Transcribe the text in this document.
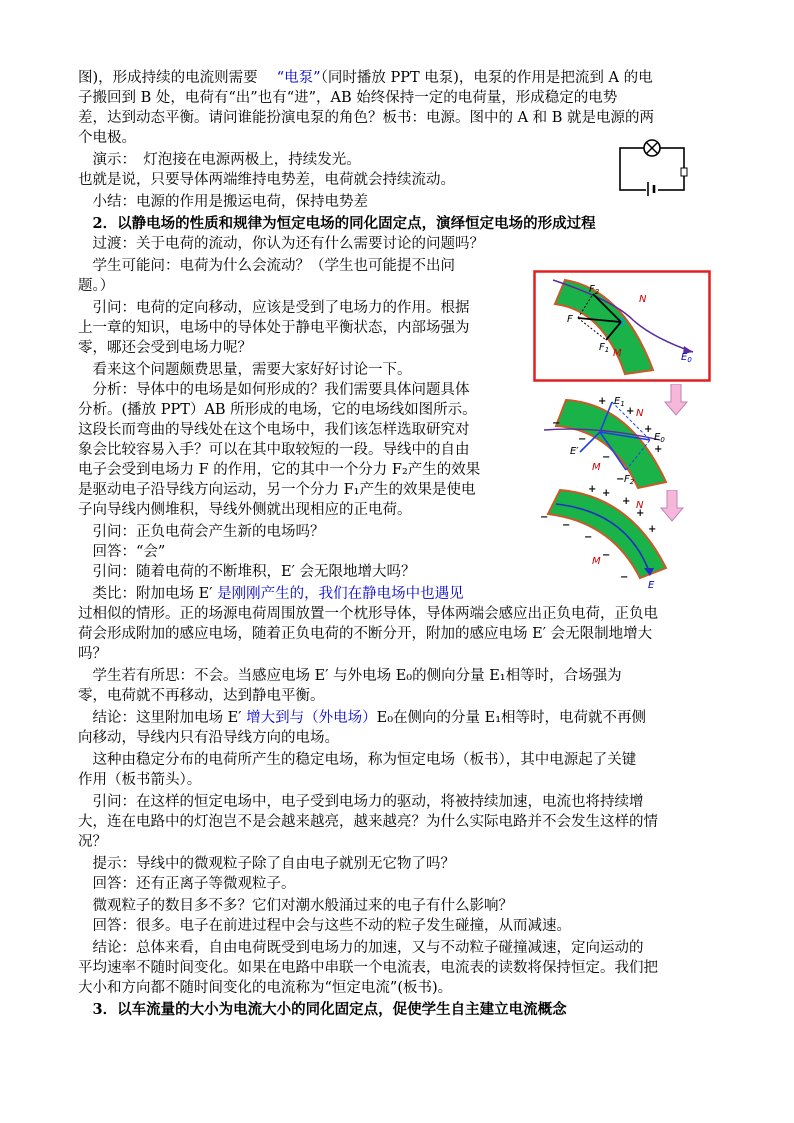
图)，形成持续的电流则需要　 “电泵”（同时播放 PPT 电泵)，电泵的作用是把流到 A 的电
子搬回到 B 处，电荷有“出”也有“进”，AB 始终保持一定的电荷量，形成稳定的电势
差，达到动态平衡。请问谁能扮演电泵的角色？板书：电源。图中的 A 和 B 就是电源的两
个电极。
　演示：　灯泡接在电源两极上，持续发光。
也就是说，只要导体两端维持电势差，电荷就会持续流动。
　小结：电源的作用是搬运电荷，保持电势差
　2．以静电场的性质和规律为恒定电场的同化固定点，演绎恒定电场的形成过程
　过渡：关于电荷的流动，你认为还有什么需要讨论的问题吗？
　学生可能问：电荷为什么会流动？（学生也可能提不出问
题。）
　引问：电荷的定向移动，应该是受到了电场力的作用。根据
上一章的知识，电场中的导体处于静电平衡状态，内部场强为
零，哪还会受到电场力呢？
　看来这个问题颇费思量，需要大家好好讨论一下。
　分析：导体中的电场是如何形成的？我们需要具体问题具体
分析。(播放 PPT）AB 所形成的电场，它的电场线如图所示。
这段长而弯曲的导线处在这个电场中，我们该怎样选取研究对
象会比较容易入手？可以在其中取较短的一段。导线中的自由
电子会受到电场力 F 的作用，它的其中一个分力 F₂产生的效果
是驱动电子沿导线方向运动，另一个分力 F₁产生的效果是使电
子向导线内侧堆积，导线外侧就出现相应的正电荷。
　引问：正负电荷会产生新的电场吗？
　回答：“会”
　引问：随着电荷的不断堆积，E′ 会无限地增大吗？
　类比：附加电场 E′ 是刚刚产生的，我们在静电场中也遇见
过相似的情形。正的场源电荷周围放置一个枕形导体，导体两端会感应出正负电荷，正负电
荷会形成附加的感应电场，随着正负电荷的不断分开，附加的感应电场 E′ 会无限制地增大
吗？
　学生若有所思：不会。当感应电场 E′ 与外电场 E₀的侧向分量 E₁相等时，合场强为
零，电荷就不再移动，达到静电平衡。
　结论：这里附加电场 E′ 增大到与（外电场）E₀在侧向的分量 E₁相等时，电荷就不再侧
向移动，导线内只有沿导线方向的电场。
　这种由稳定分布的电荷所产生的稳定电场，称为恒定电场（板书），其中电源起了关键
作用（板书箭头）。
　引问：在这样的恒定电场中，电子受到电场力的驱动，将被持续加速，电流也将持续增
大，连在电路中的灯泡岂不是会越来越亮，越来越亮？为什么实际电路并不会发生这样的情
况？
　提示：导线中的微观粒子除了自由电子就别无它物了吗？
　回答：还有正离子等微观粒子。
　微观粒子的数目多不多？它们对潮水般涌过来的电子有什么影响？
　回答：很多。电子在前进过程中会与这些不动的粒子发生碰撞，从而减速。
　结论：总体来看，自由电荷既受到电场力的加速，又与不动粒子碰撞减速，定向运动的
平均速率不随时间变化。如果在电路中串联一个电流表，电流表的读数将保持恒定。我们把
大小和方向都不随时间变化的电流称为“恒定电流”(板书)。
　3．以车流量的大小为电流大小的同化固定点，促使学生自主建立电流概念
$F_2$
F
$F_1$
N
M	$E_0$
+
+
+
+
−
−
−
−
$E_1$
N
$E_0$
E′
M
$F_2$
+ +
+
+
+
−
−
−
−
−
N
M
E
